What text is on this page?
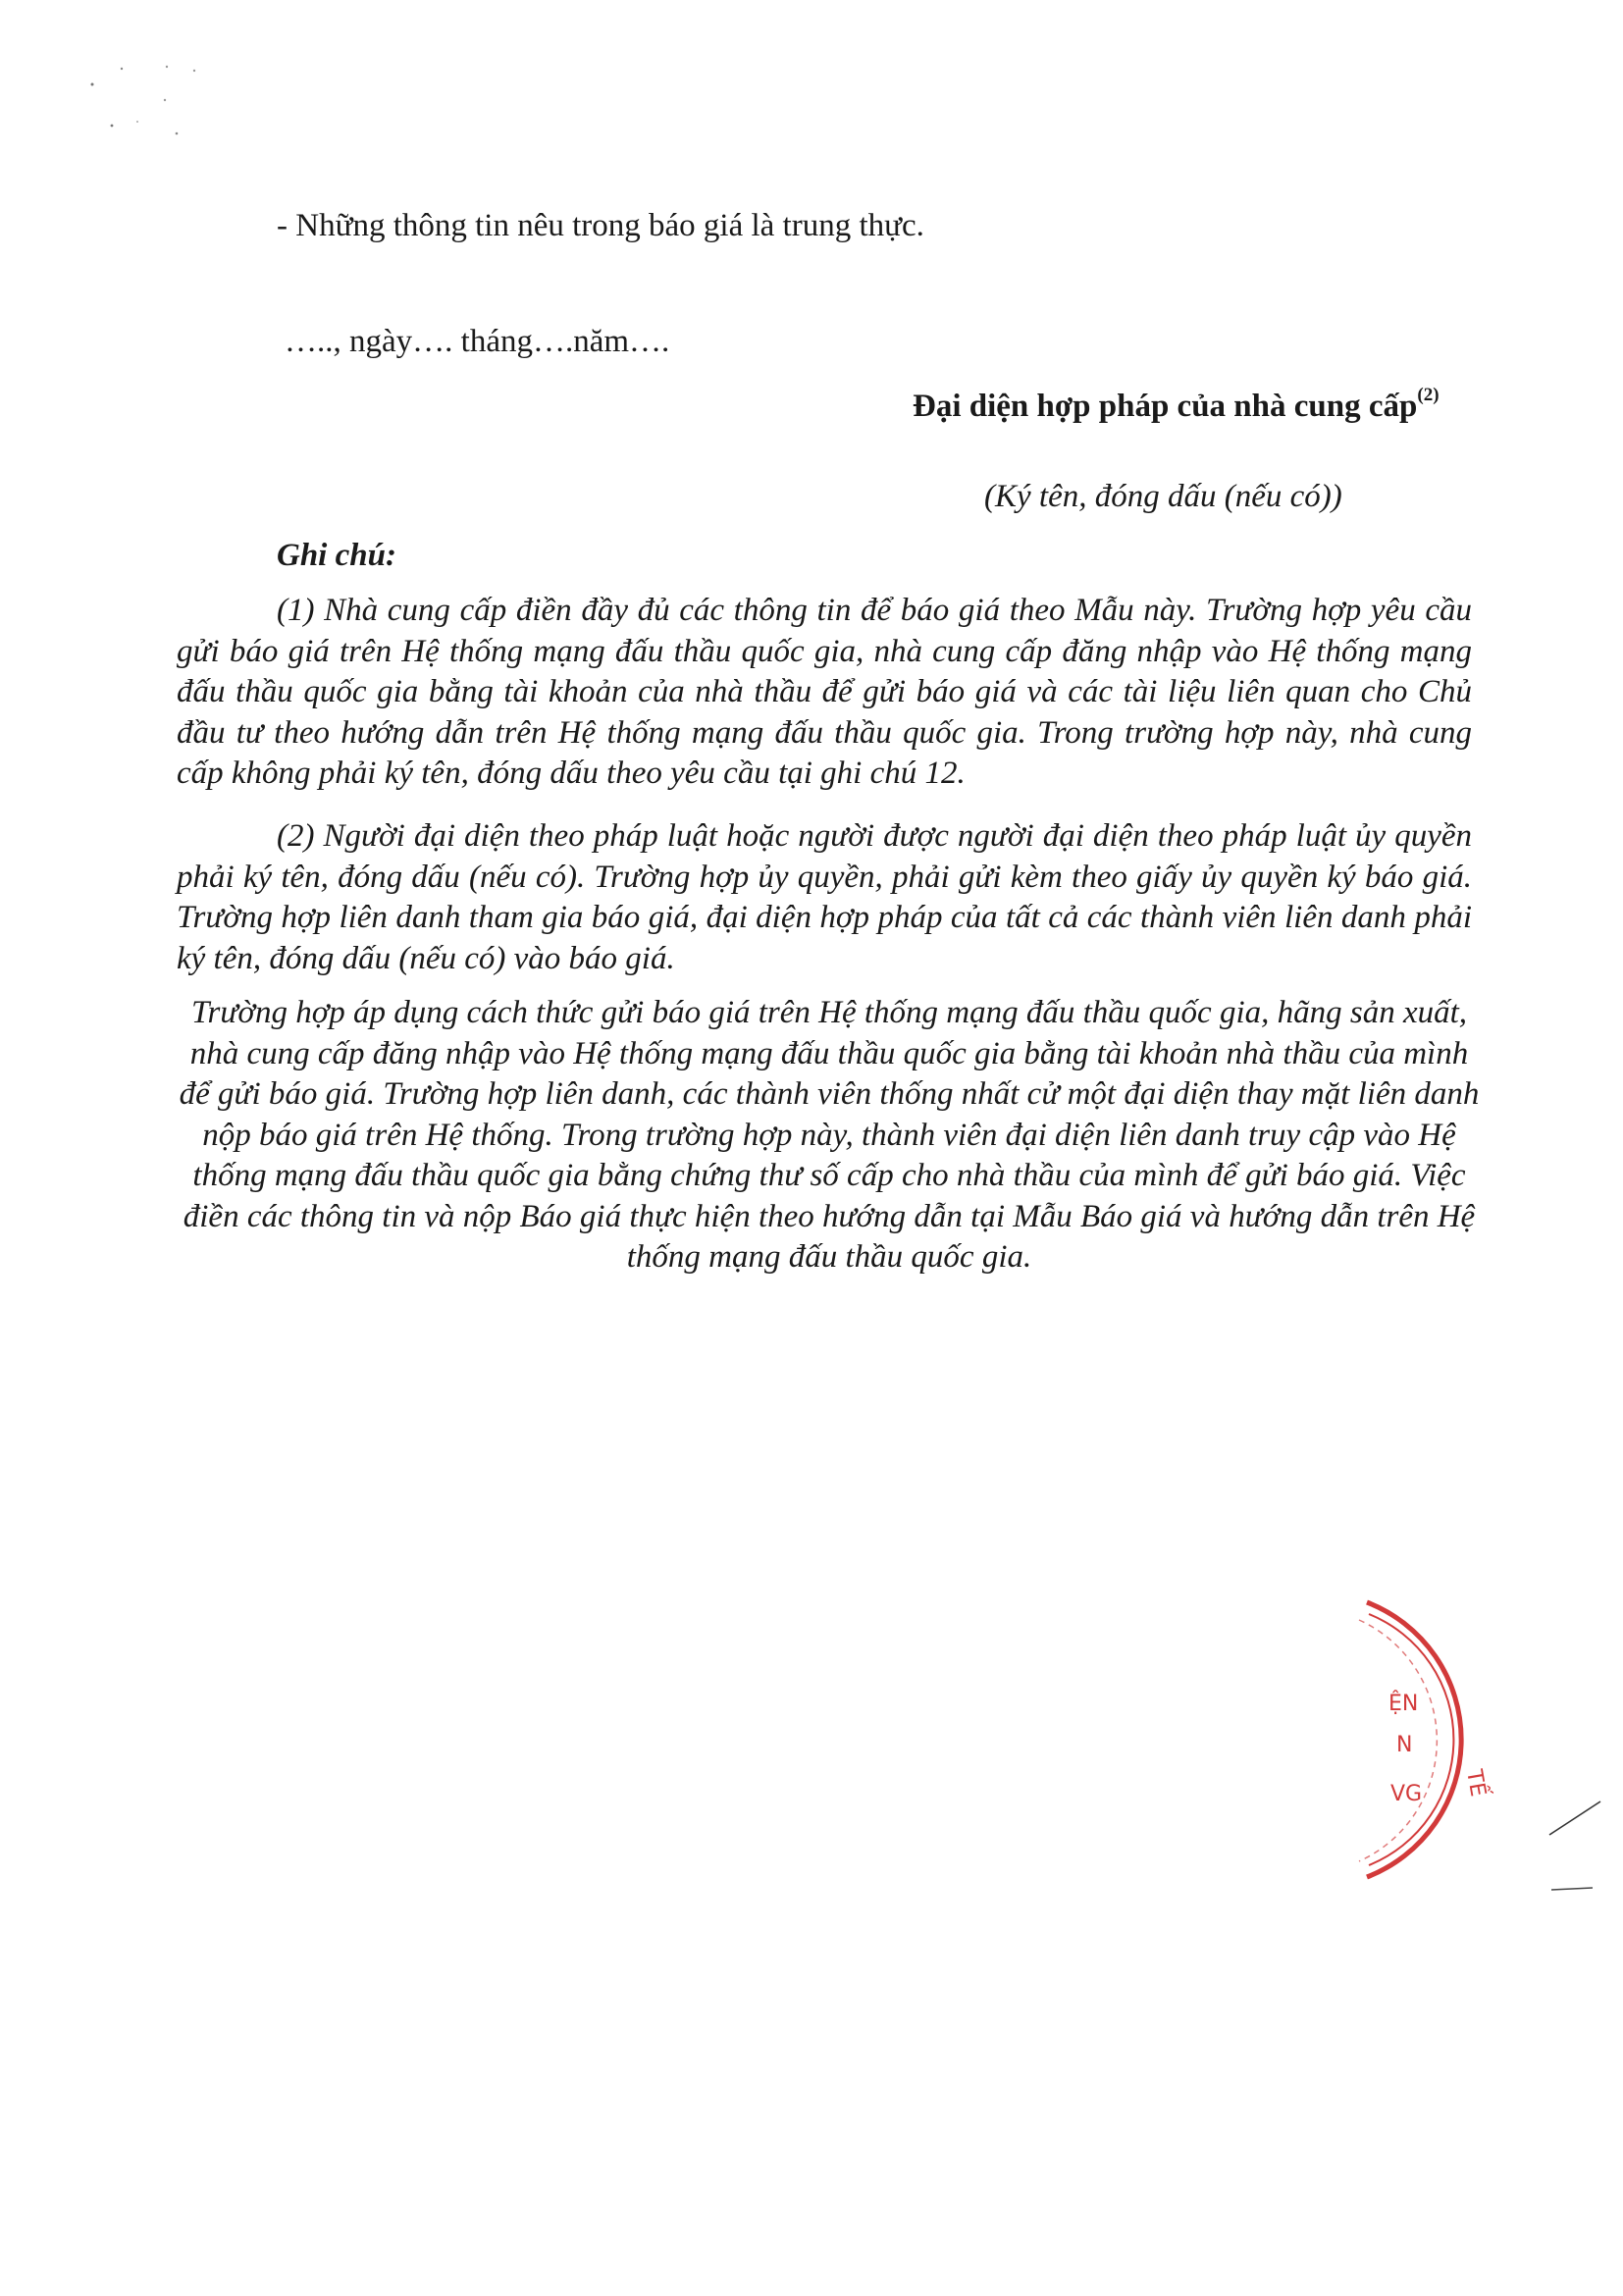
- Những thông tin nêu trong báo giá là trung thực.

….., ngày…. tháng….năm….

Đại diện hợp pháp của nhà cung cấp$^{(2)}$

(Ký tên, đóng dấu (nếu có))

Ghi chú:

(1) Nhà cung cấp điền đầy đủ các thông tin để báo giá theo Mẫu này. Trường hợp yêu cầu gửi báo giá trên Hệ thống mạng đấu thầu quốc gia, nhà cung cấp đăng nhập vào Hệ thống mạng đấu thầu quốc gia bằng tài khoản của nhà thầu để gửi báo giá và các tài liệu liên quan cho Chủ đầu tư theo hướng dẫn trên Hệ thống mạng đấu thầu quốc gia. Trong trường hợp này, nhà cung cấp không phải ký tên, đóng dấu theo yêu cầu tại ghi chú 12.

(2) Người đại diện theo pháp luật hoặc người được người đại diện theo pháp luật ủy quyền phải ký tên, đóng dấu (nếu có). Trường hợp ủy quyền, phải gửi kèm theo giấy ủy quyền ký báo giá. Trường hợp liên danh tham gia báo giá, đại diện hợp pháp của tất cả các thành viên liên danh phải ký tên, đóng dấu (nếu có) vào báo giá.

Trường hợp áp dụng cách thức gửi báo giá trên Hệ thống mạng đấu thầu quốc gia, hãng sản xuất, nhà cung cấp đăng nhập vào Hệ thống mạng đấu thầu quốc gia bằng tài khoản nhà thầu của mình để gửi báo giá. Trường hợp liên danh, các thành viên thống nhất cử một đại diện thay mặt liên danh nộp báo giá trên Hệ thống. Trong trường hợp này, thành viên đại diện liên danh truy cập vào Hệ thống mạng đấu thầu quốc gia bằng chứng thư số cấp cho nhà thầu của mình để gửi báo giá. Việc điền các thông tin và nộp Báo giá thực hiện theo hướng dẫn tại Mẫu Báo giá và hướng dẫn trên Hệ thống mạng đấu thầu quốc gia.

ỆN
N
VG TẾ
